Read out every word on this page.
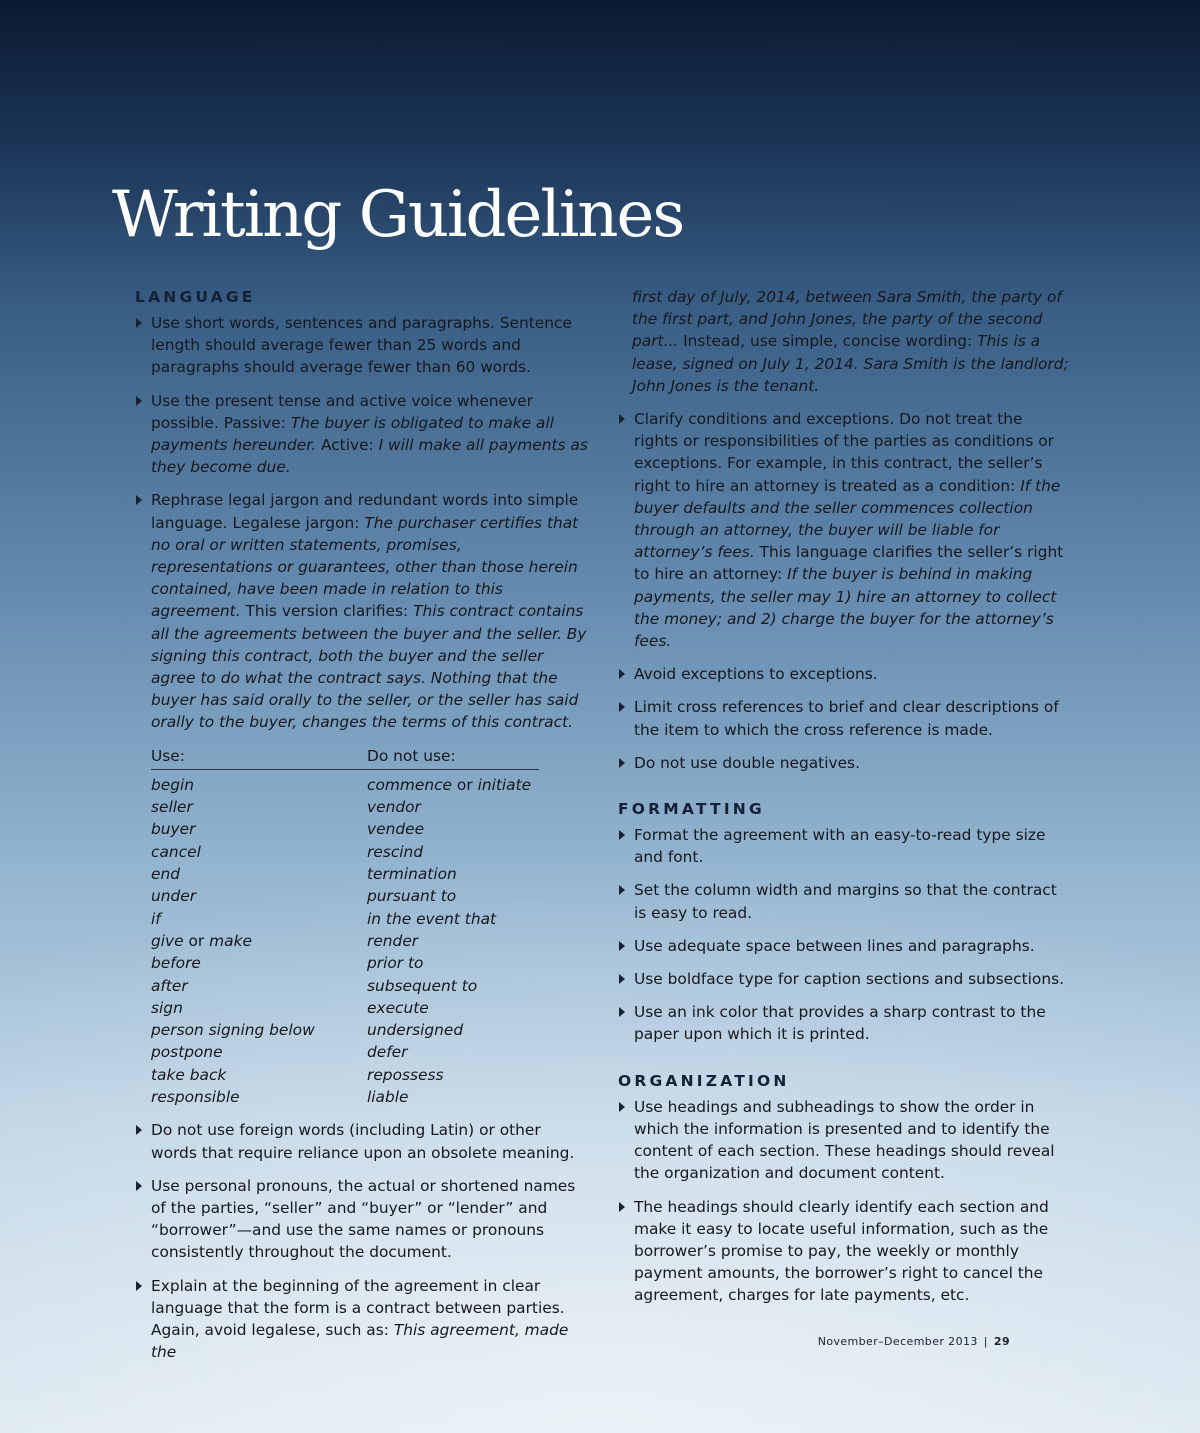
Writing Guidelines
LANGUAGE
Use short words, sentences and paragraphs. Sentence length should average fewer than 25 words and paragraphs should average fewer than 60 words.
Use the present tense and active voice whenever possible. Passive: The buyer is obligated to make all payments hereunder. Active: I will make all payments as they become due.
Rephrase legal jargon and redundant words into simple language. Legalese jargon: The purchaser certifies that no oral or written statements, promises, representations or guarantees, other than those herein contained, have been made in relation to this agreement. This version clarifies: This contract contains all the agreements between the buyer and the seller. By signing this contract, both the buyer and the seller agree to do what the contract says. Nothing that the buyer has said orally to the seller, or the seller has said orally to the buyer, changes the terms of this contract.
Use:	Do not use:
begin	commence or initiate
seller	vendor
buyer	vendee
cancel	rescind
end	termination
under	pursuant to
if	in the event that
give or make	render
before	prior to
after	subsequent to
sign	execute
person signing below	undersigned
postpone	defer
take back	repossess
responsible	liable
Do not use foreign words (including Latin) or other words that require reliance upon an obsolete meaning.
Use personal pronouns, the actual or shortened names of the parties, “seller” and “buyer” or “lender” and “borrower”—and use the same names or pronouns consistently throughout the document.
Explain at the beginning of the agreement in clear language that the form is a contract between parties. Again, avoid legalese, such as: This agreement, made the
first day of July, 2014, between Sara Smith, the party of the first part, and John Jones, the party of the second part... Instead, use simple, concise wording: This is a lease, signed on July 1, 2014. Sara Smith is the landlord; John Jones is the tenant.
Clarify conditions and exceptions. Do not treat the rights or responsibilities of the parties as conditions or exceptions. For example, in this contract, the seller’s right to hire an attorney is treated as a condition: If the buyer defaults and the seller commences collection through an attorney, the buyer will be liable for attorney’s fees. This language clarifies the seller’s right to hire an attorney: If the buyer is behind in making payments, the seller may 1) hire an attorney to collect the money; and 2) charge the buyer for the attorney’s fees.
Avoid exceptions to exceptions.
Limit cross references to brief and clear descriptions of the item to which the cross reference is made.
Do not use double negatives.
FORMATTING
Format the agreement with an easy-to-read type size and font.
Set the column width and margins so that the contract is easy to read.
Use adequate space between lines and paragraphs.
Use boldface type for caption sections and subsections.
Use an ink color that provides a sharp contrast to the paper upon which it is printed.
ORGANIZATION
Use headings and subheadings to show the order in which the information is presented and to identify the content of each section. These headings should reveal the organization and document content.
The headings should clearly identify each section and make it easy to locate useful information, such as the borrower’s promise to pay, the weekly or monthly payment amounts, the borrower’s right to cancel the agreement, charges for late payments, etc.
November–December 2013 | 29
